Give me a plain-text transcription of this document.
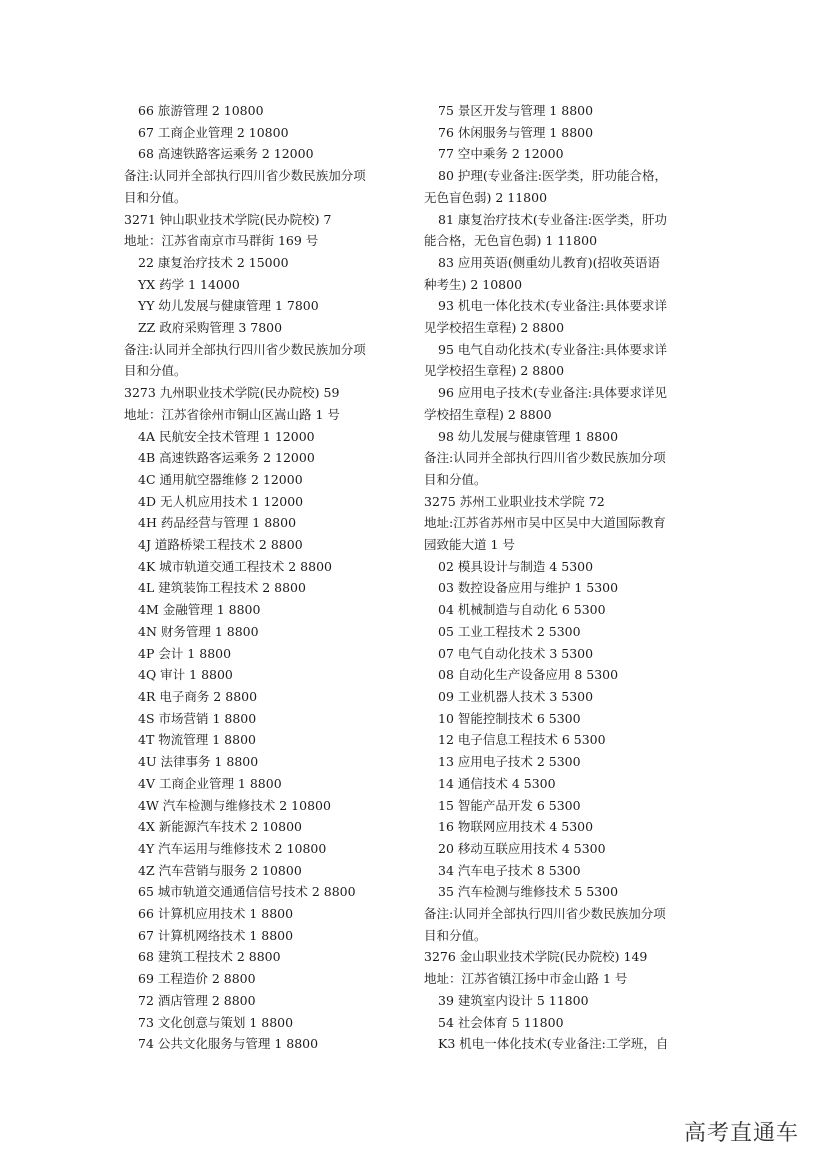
66 旅游管理 2 10800
67 工商企业管理 2 10800
68 高速铁路客运乘务 2 12000
备注:认同并全部执行四川省少数民族加分项
目和分值。
3271 钟山职业技术学院(民办院校) 7
地址：江苏省南京市马群街 169 号
22 康复治疗技术 2 15000
YX 药学 1 14000
YY 幼儿发展与健康管理 1 7800
ZZ 政府采购管理 3 7800
备注:认同并全部执行四川省少数民族加分项
目和分值。
3273 九州职业技术学院(民办院校) 59
地址：江苏省徐州市铜山区嵩山路 1 号
4A 民航安全技术管理 1 12000
4B 高速铁路客运乘务 2 12000
4C 通用航空器维修 2 12000
4D 无人机应用技术 1 12000
4H 药品经营与管理 1 8800
4J 道路桥梁工程技术 2 8800
4K 城市轨道交通工程技术 2 8800
4L 建筑装饰工程技术 2 8800
4M 金融管理 1 8800
4N 财务管理 1 8800
4P 会计 1 8800
4Q 审计 1 8800
4R 电子商务 2 8800
4S 市场营销 1 8800
4T 物流管理 1 8800
4U 法律事务 1 8800
4V 工商企业管理 1 8800
4W 汽车检测与维修技术 2 10800
4X 新能源汽车技术 2 10800
4Y 汽车运用与维修技术 2 10800
4Z 汽车营销与服务 2 10800
65 城市轨道交通通信信号技术 2 8800
66 计算机应用技术 1 8800
67 计算机网络技术 1 8800
68 建筑工程技术 2 8800
69 工程造价 2 8800
72 酒店管理 2 8800
73 文化创意与策划 1 8800
74 公共文化服务与管理 1 8800
75 景区开发与管理 1 8800
76 休闲服务与管理 1 8800
77 空中乘务 2 12000
80 护理(专业备注:医学类，肝功能合格，
无色盲色弱) 2 11800
81 康复治疗技术(专业备注:医学类，肝功
能合格，无色盲色弱) 1 11800
83 应用英语(侧重幼儿教育)(招收英语语
种考生) 2 10800
93 机电一体化技术(专业备注:具体要求详
见学校招生章程) 2 8800
95 电气自动化技术(专业备注:具体要求详
见学校招生章程) 2 8800
96 应用电子技术(专业备注:具体要求详见
学校招生章程) 2 8800
98 幼儿发展与健康管理 1 8800
备注:认同并全部执行四川省少数民族加分项
目和分值。
3275 苏州工业职业技术学院 72
地址:江苏省苏州市吴中区吴中大道国际教育
园致能大道 1 号
02 模具设计与制造 4 5300
03 数控设备应用与维护 1 5300
04 机械制造与自动化 6 5300
05 工业工程技术 2 5300
07 电气自动化技术 3 5300
08 自动化生产设备应用 8 5300
09 工业机器人技术 3 5300
10 智能控制技术 6 5300
12 电子信息工程技术 6 5300
13 应用电子技术 2 5300
14 通信技术 4 5300
15 智能产品开发 6 5300
16 物联网应用技术 4 5300
20 移动互联应用技术 4 5300
34 汽车电子技术 8 5300
35 汽车检测与维修技术 5 5300
备注:认同并全部执行四川省少数民族加分项
目和分值。
3276 金山职业技术学院(民办院校) 149
地址：江苏省镇江扬中市金山路 1 号
39 建筑室内设计 5 11800
54 社会体育 5 11800
K3 机电一体化技术(专业备注:工学班，自
高考直通车
